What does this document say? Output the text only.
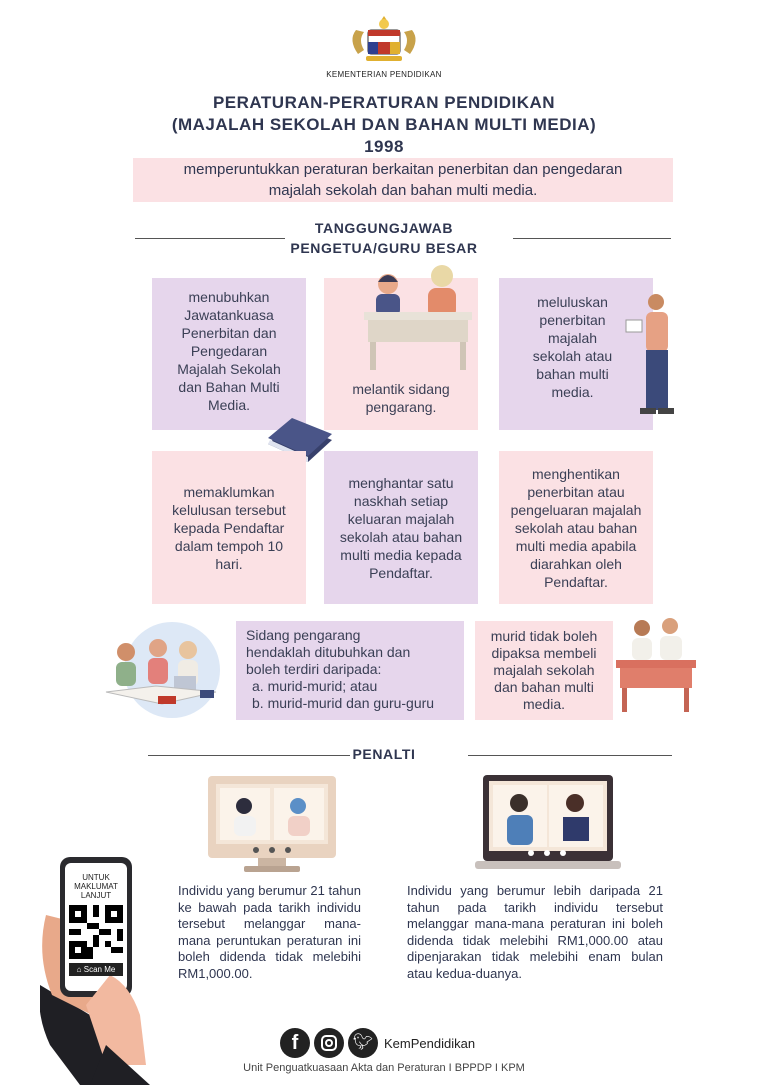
KEMENTERIAN PENDIDIKAN
PERATURAN-PERATURAN PENDIDIKAN
(MAJALAH SEKOLAH DAN BAHAN MULTI MEDIA)
1998
memperuntukkan peraturan berkaitan penerbitan dan pengedaran majalah sekolah dan bahan multi media.
TANGGUNGJAWAB
PENGETUA/GURU BESAR
menubuhkan Jawatankuasa Penerbitan dan Pengedaran Majalah Sekolah dan Bahan Multi Media.
melantik sidang pengarang.
meluluskan penerbitan majalah sekolah atau bahan multi media.
memaklumkan kelulusan tersebut kepada Pendaftar dalam tempoh 10 hari.
menghantar satu naskhah setiap keluaran majalah sekolah atau bahan multi media kepada Pendaftar.
menghentikan penerbitan atau pengeluaran majalah sekolah atau bahan multi media apabila diarahkan oleh Pendaftar.
Sidang pengarang
hendaklah ditubuhkan dan
boleh terdiri daripada:
a. murid-murid; atau
b. murid-murid dan guru-guru
murid tidak boleh dipaksa membeli majalah sekolah dan bahan multi media.
PENALTI
Individu yang berumur 21 tahun ke bawah pada tarikh individu tersebut melanggar mana-mana peruntukan peraturan ini boleh didenda tidak melebihi RM1,000.00.
Individu yang berumur lebih daripada 21 tahun pada tarikh individu tersebut melanggar mana-mana peraturan ini boleh didenda tidak melebihi RM1,000.00 atau dipenjarakan tidak melebihi enam bulan atau kedua-duanya.
UNTUK
MAKLUMAT
LANJUT
⌂ Scan Me
f	🐦︎ KemPendidikan
Unit Penguatkuasaan Akta dan Peraturan I BPPDP I KPM
